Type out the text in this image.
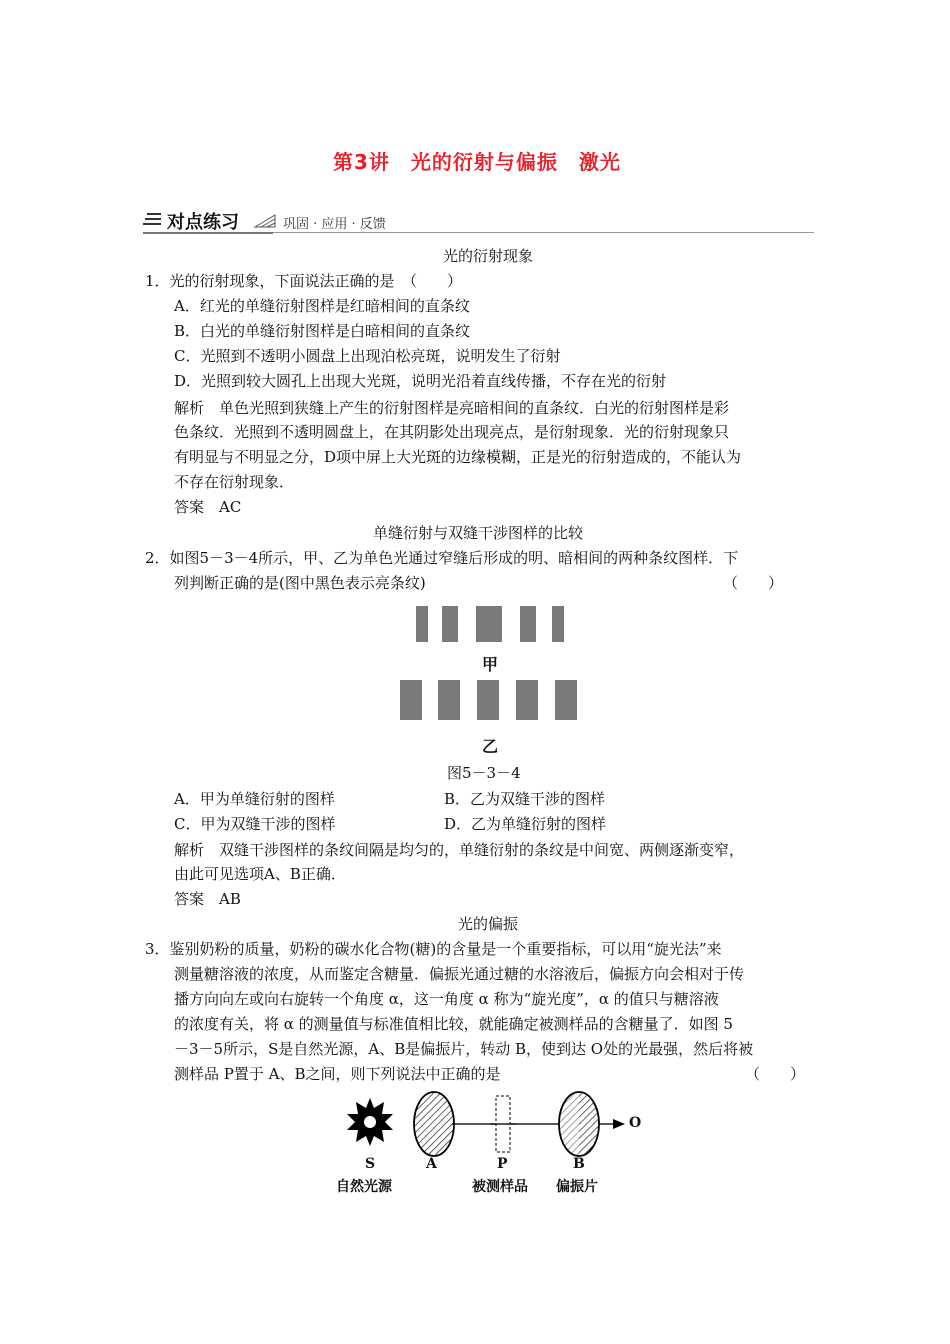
第3讲　光的衍射与偏振　激光
对点练习	巩固 · 应用 · 反馈
光的衍射现象
1．光的衍射现象，下面说法正确的是　（　　）
A．红光的单缝衍射图样是红暗相间的直条纹
B．白光的单缝衍射图样是白暗相间的直条纹
C．光照到不透明小圆盘上出现泊松亮斑，说明发生了衍射
D．光照到较大圆孔上出现大光斑，说明光沿着直线传播，不存在光的衍射
解析　单色光照到狭缝上产生的衍射图样是亮暗相间的直条纹．白光的衍射图样是彩
色条纹．光照到不透明圆盘上，在其阴影处出现亮点，是衍射现象．光的衍射现象只
有明显与不明显之分，D项中屏上大光斑的边缘模糊，正是光的衍射造成的，不能认为
不存在衍射现象．
答案　AC
单缝衍射与双缝干涉图样的比较
2．如图5－3－4所示，甲、乙为单色光通过窄缝后形成的明、暗相间的两种条纹图样．下
列判断正确的是(图中黑色表示亮条纹)	（　　）
甲
乙
图5－3－4
A．甲为单缝衍射的图样	B．乙为双缝干涉的图样
C．甲为双缝干涉的图样	D．乙为单缝衍射的图样
解析　双缝干涉图样的条纹间隔是均匀的，单缝衍射的条纹是中间宽、两侧逐渐变窄，
由此可见选项A、B正确．
答案　AB
光的偏振
3．鉴别奶粉的质量，奶粉的碳水化合物(糖)的含量是一个重要指标，可以用“旋光法”来
测量糖溶液的浓度，从而鉴定含糖量．偏振光通过糖的水溶液后，偏振方向会相对于传
播方向向左或向右旋转一个角度 α，这一角度 α 称为“旋光度”，α 的值只与糖溶液
的浓度有关，将 α 的测量值与标准值相比较，就能确定被测样品的含糖量了．如图 5
－3－5所示，S是自然光源，A、B是偏振片，转动 B，使到达 O处的光最强，然后将被
测样品 P置于 A、B之间，则下列说法中正确的是	（　　）
S	A	P	B
O
自然光源	被测样品 偏振片
